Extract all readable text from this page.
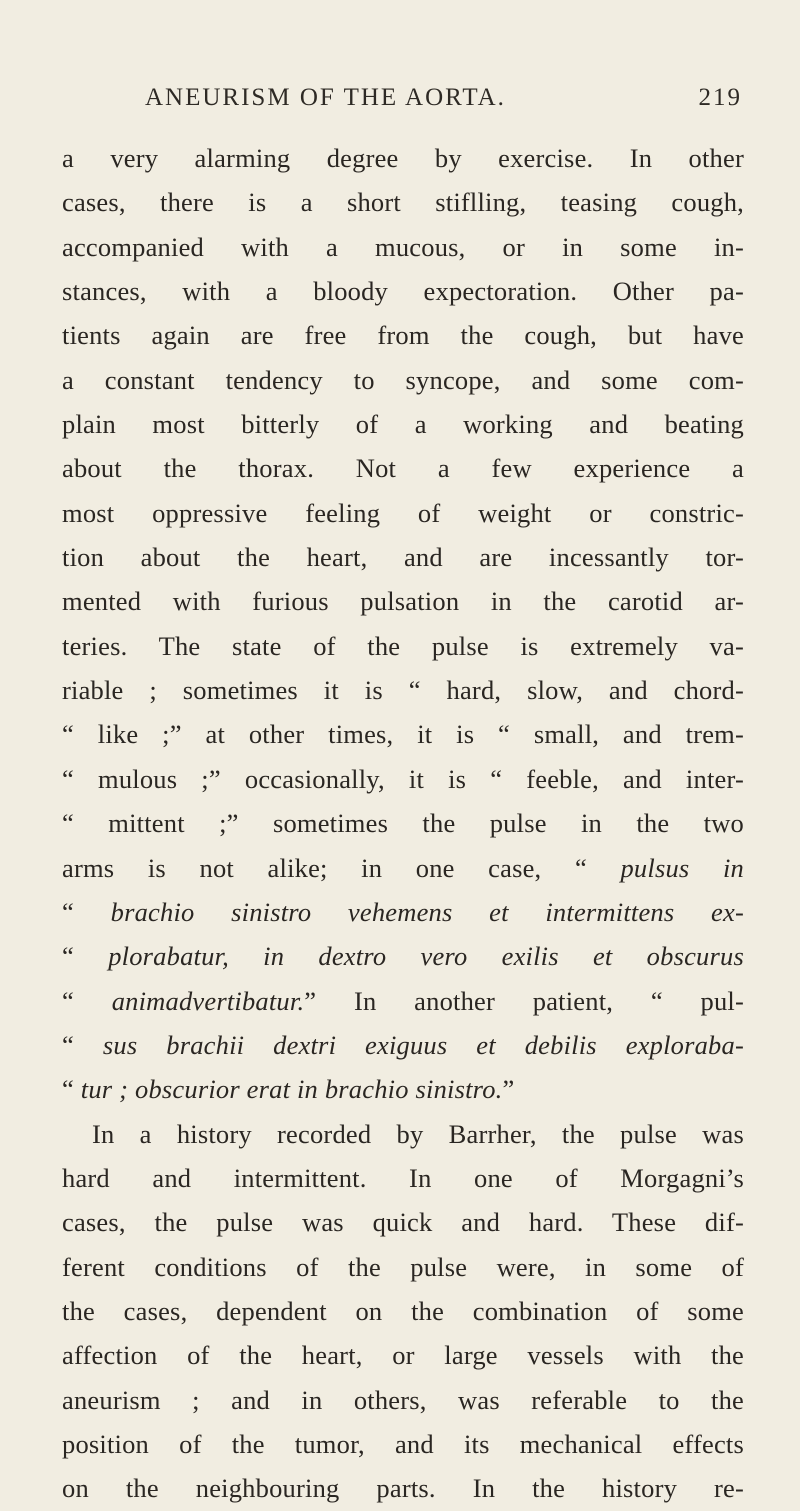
ANEURISM OF THE AORTA.	219
a very alarming degree by exercise. In other
cases, there is a short stiflling, teasing cough,
accompanied with a mucous, or in some in-
stances, with a bloody expectoration. Other pa-
tients again are free from the cough, but have
a constant tendency to syncope, and some com-
plain most bitterly of a working and beating
about the thorax. Not a few experience a
most oppressive feeling of weight or constric-
tion about the heart, and are incessantly tor-
mented with furious pulsation in the carotid ar-
teries. The state of the pulse is extremely va-
riable ; sometimes it is “ hard, slow, and chord-
“ like ;” at other times, it is “ small, and trem-
“ mulous ;” occasionally, it is “ feeble, and inter-
“ mittent ;” sometimes the pulse in the two
arms is not alike; in one case, “ pulsus in
“ brachio sinistro vehemens et intermittens ex-
“ plorabatur, in dextro vero exilis et obscurus
“ animadvertibatur.” In another patient, “ pul-
“ sus brachii dextri exiguus et debilis exploraba-
“ tur ; obscurior erat in brachio sinistro.”
In a history recorded by Barrher, the pulse was
hard and intermittent. In one of Morgagni’s
cases, the pulse was quick and hard. These dif-
ferent conditions of the pulse were, in some of
the cases, dependent on the combination of some
affection of the heart, or large vessels with the
aneurism ; and in others, was referable to the
position of the tumor, and its mechanical effects
on the neighbouring parts. In the history re-
